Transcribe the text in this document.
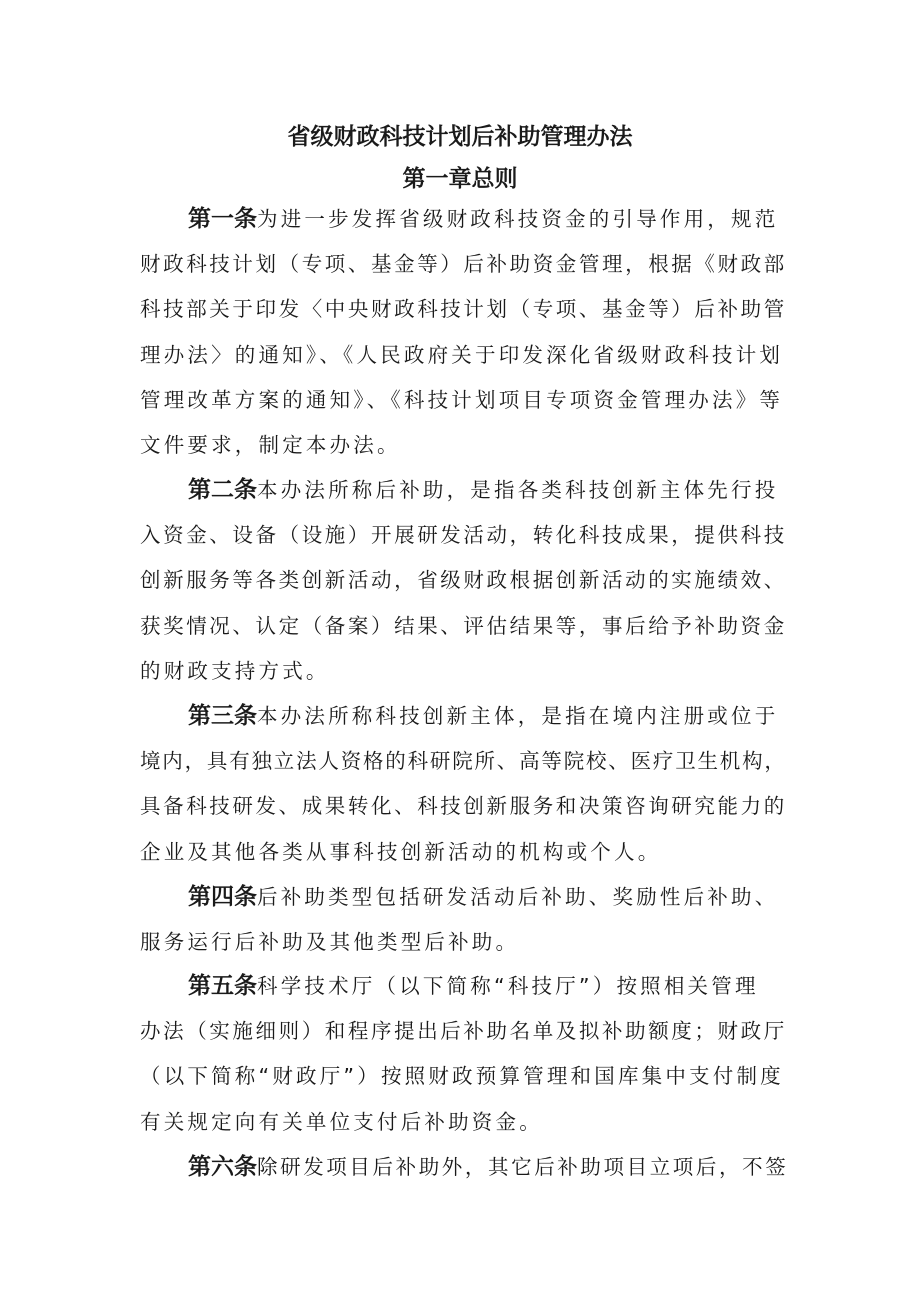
省级财政科技计划后补助管理办法
第一章总则
第一条为进一步发挥省级财政科技资金的引导作用，规范
财政科技计划（专项、基金等）后补助资金管理，根据《财政部
科技部关于印发〈中央财政科技计划（专项、基金等）后补助管
理办法〉的通知》、《人民政府关于印发深化省级财政科技计划
管理改革方案的通知》、《科技计划项目专项资金管理办法》等
文件要求，制定本办法。
第二条本办法所称后补助，是指各类科技创新主体先行投
入资金、设备（设施）开展研发活动，转化科技成果，提供科技
创新服务等各类创新活动，省级财政根据创新活动的实施绩效、
获奖情况、认定（备案）结果、评估结果等，事后给予补助资金
的财政支持方式。
第三条本办法所称科技创新主体，是指在境内注册或位于
境内，具有独立法人资格的科研院所、高等院校、医疗卫生机构，
具备科技研发、成果转化、科技创新服务和决策咨询研究能力的
企业及其他各类从事科技创新活动的机构或个人。
第四条后补助类型包括研发活动后补助、奖励性后补助、
服务运行后补助及其他类型后补助。
第五条科学技术厅（以下简称“科技厅”）按照相关管理
办法（实施细则）和程序提出后补助名单及拟补助额度；财政厅
（以下简称“财政厅”）按照财政预算管理和国库集中支付制度
有关规定向有关单位支付后补助资金。
第六条除研发项目后补助外，其它后补助项目立项后，不签
